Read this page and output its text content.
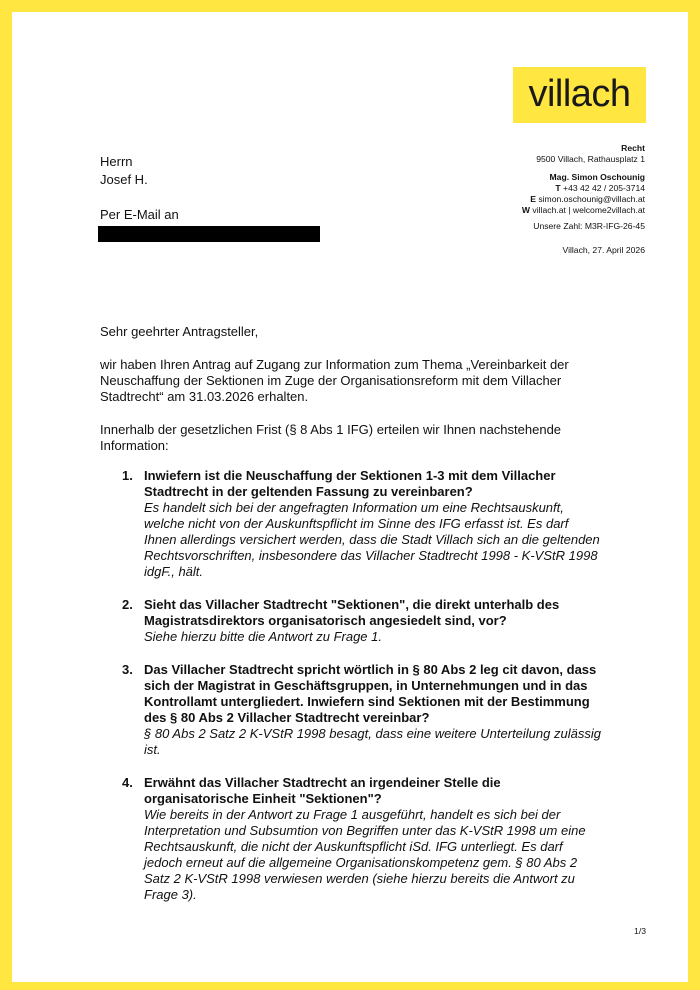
villach
Recht
9500 Villach, Rathausplatz 1
Mag. Simon Oschounig
T +43 42 42 / 205-3714
E simon.oschounig@villach.at
W villach.at | welcome2villach.at
Unsere Zahl: M3R-IFG-26-45
Villach, 27. April 2026
Herrn
Josef H.
Per E-Mail an

Sehr geehrter Antragsteller,

wir haben Ihren Antrag auf Zugang zur Information zum Thema „Vereinbarkeit der Neuschaffung der Sektionen im Zuge der Organisationsreform mit dem Villacher Stadtrecht“ am 31.03.2026 erhalten.

Innerhalb der gesetzlichen Frist (§ 8 Abs 1 IFG) erteilen wir Ihnen nachstehende Information:

1. Inwiefern ist die Neuschaffung der Sektionen 1-3 mit dem Villacher Stadtrecht in der geltenden Fassung zu vereinbaren?
Es handelt sich bei der angefragten Information um eine Rechtsauskunft, welche nicht von der Auskunftspflicht im Sinne des IFG erfasst ist. Es darf Ihnen allerdings versichert werden, dass die Stadt Villach sich an die geltenden Rechtsvorschriften, insbesondere das Villacher Stadtrecht 1998 - K-VStR 1998 idgF., hält.
2. Sieht das Villacher Stadtrecht "Sektionen", die direkt unterhalb des Magistratsdirektors organisatorisch angesiedelt sind, vor?
Siehe hierzu bitte die Antwort zu Frage 1.
3. Das Villacher Stadtrecht spricht wörtlich in § 80 Abs 2 leg cit davon, dass sich der Magistrat in Geschäftsgruppen, in Unternehmungen und in das Kontrollamt untergliedert. Inwiefern sind Sektionen mit der Bestimmung des § 80 Abs 2 Villacher Stadtrecht vereinbar?
§ 80 Abs 2 Satz 2 K-VStR 1998 besagt, dass eine weitere Unterteilung zulässig ist.
4. Erwähnt das Villacher Stadtrecht an irgendeiner Stelle die organisatorische Einheit "Sektionen"?
Wie bereits in der Antwort zu Frage 1 ausgeführt, handelt es sich bei der Interpretation und Subsumtion von Begriffen unter das K-VStR 1998 um eine Rechtsauskunft, die nicht der Auskunftspflicht iSd. IFG unterliegt. Es darf jedoch erneut auf die allgemeine Organisationskompetenz gem. § 80 Abs 2 Satz 2 K-VStR 1998 verwiesen werden (siehe hierzu bereits die Antwort zu Frage 3).
1/3
